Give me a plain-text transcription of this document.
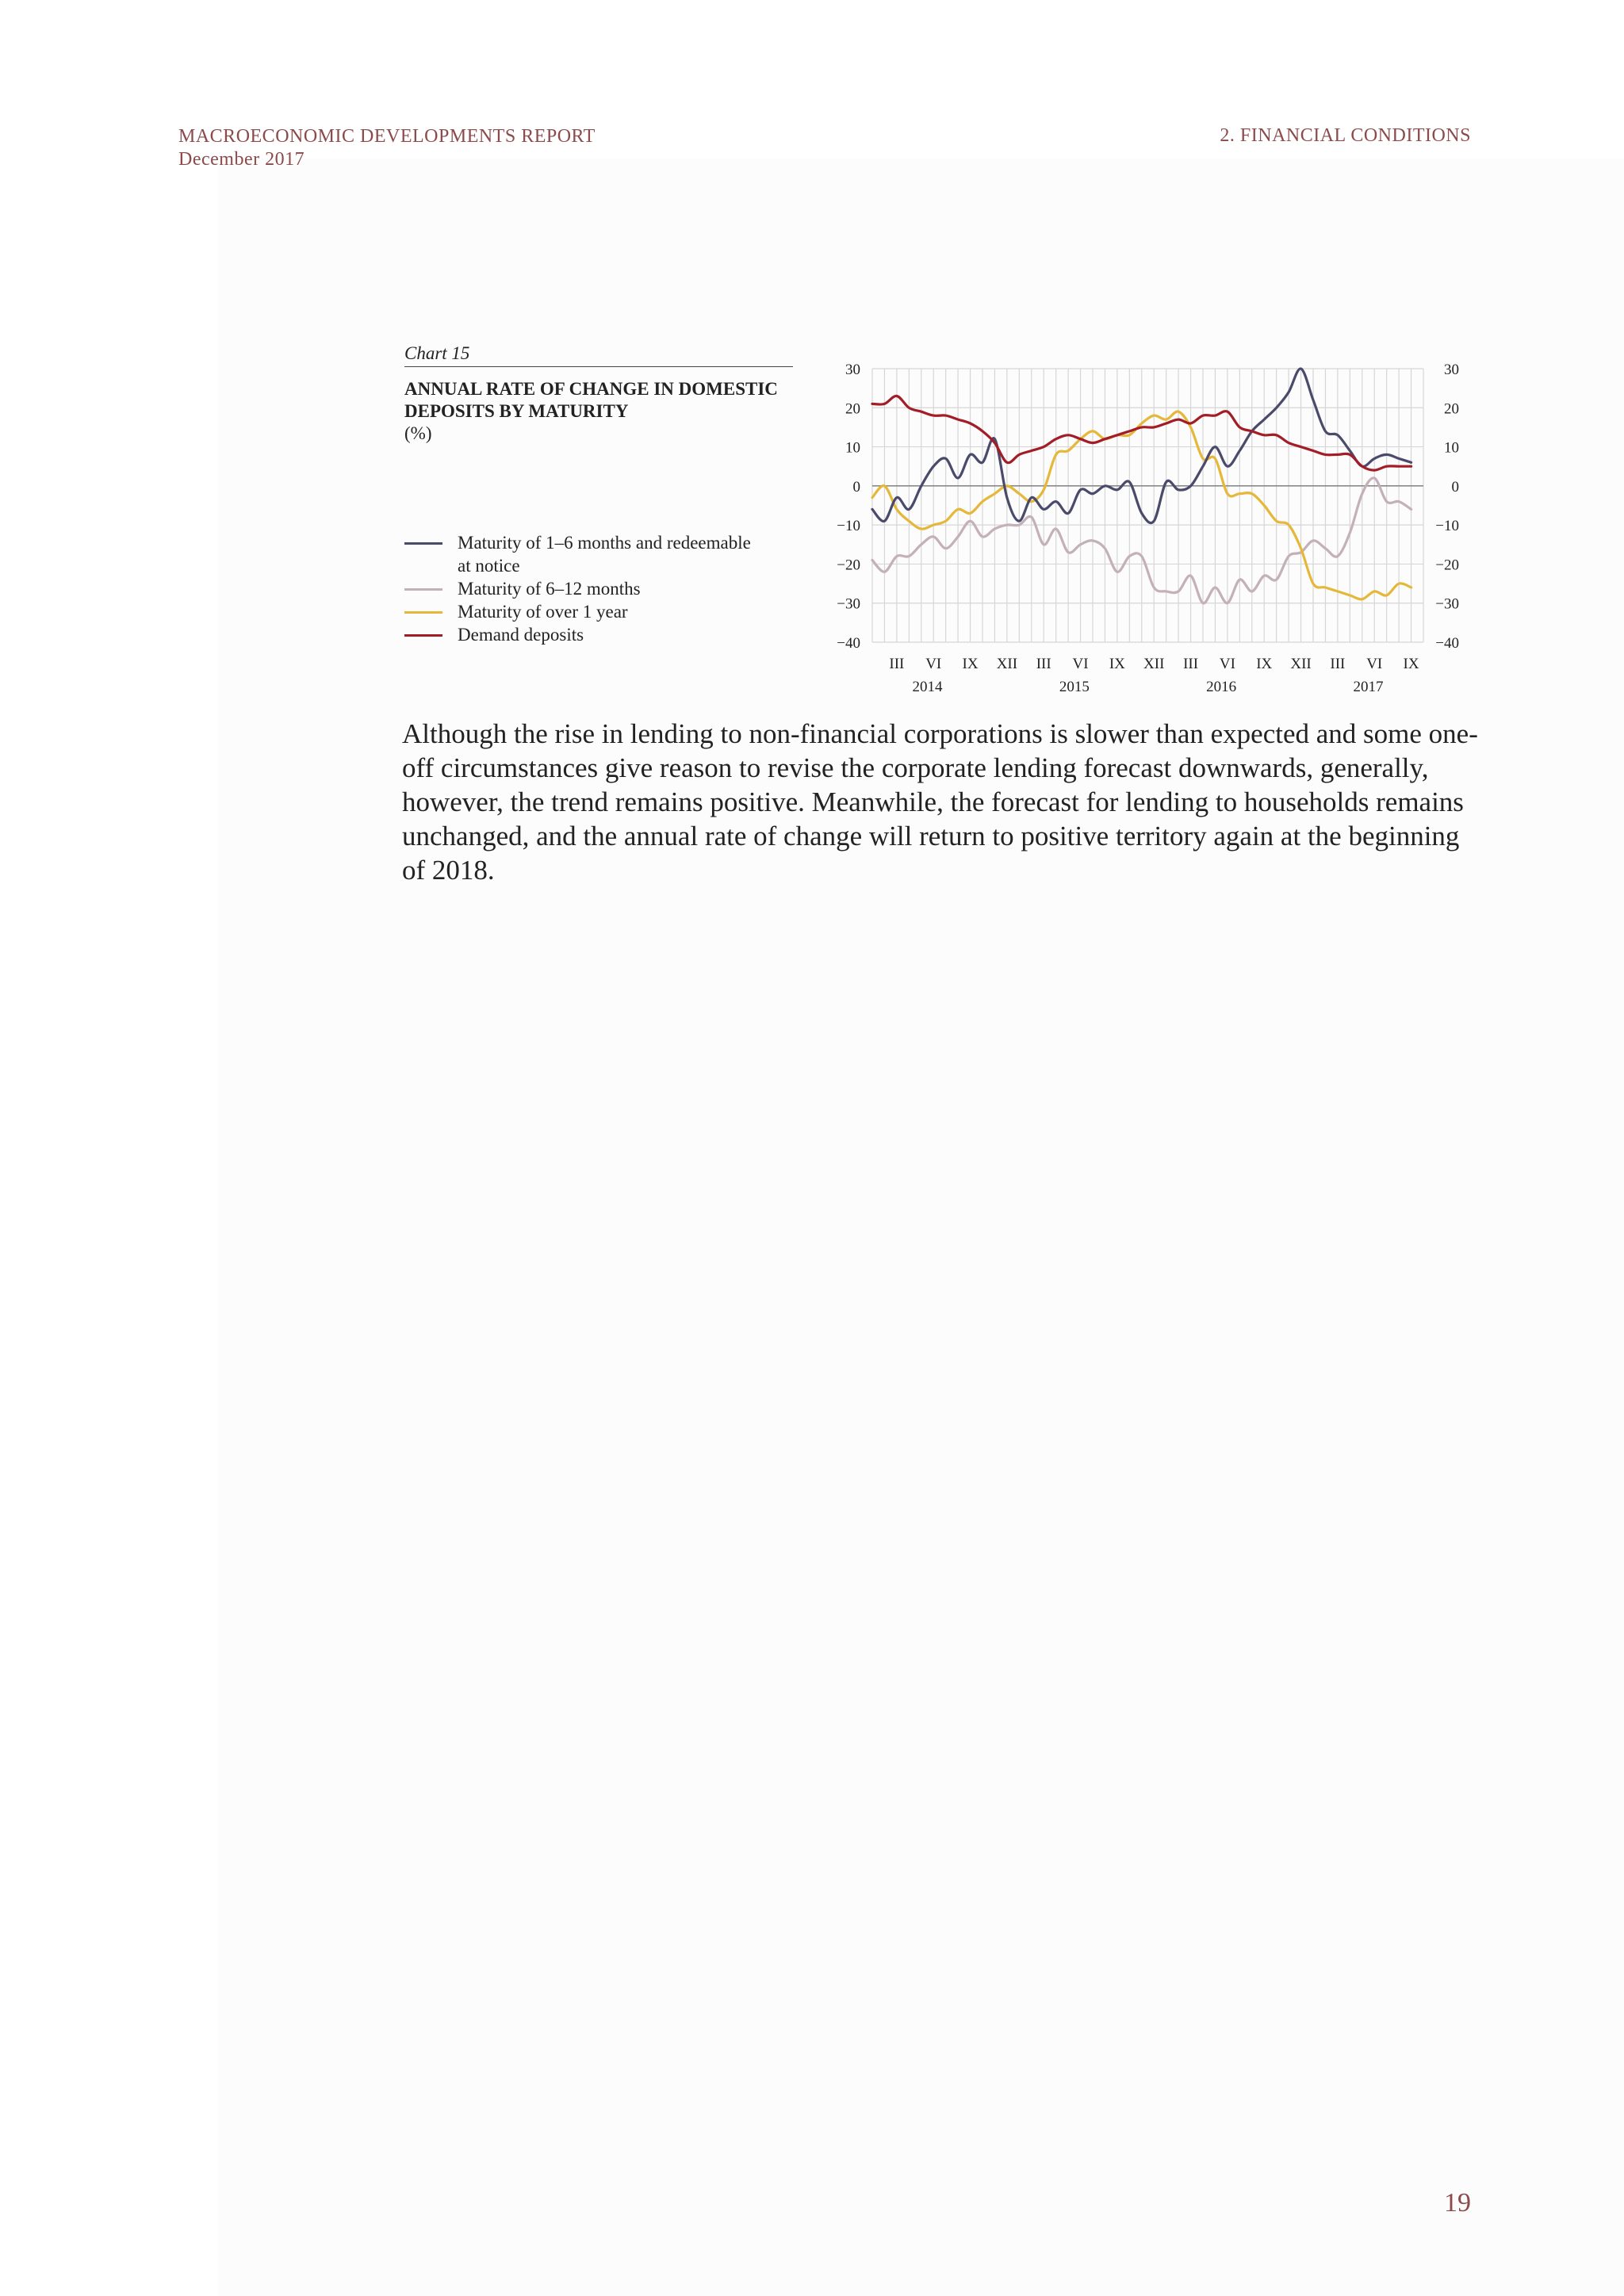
MACROECONOMIC DEVELOPMENTS REPORT
December 2017
2. FINANCIAL CONDITIONS
Chart 15
ANNUAL RATE OF CHANGE IN DOMESTIC
DEPOSITS BY MATURITY
(%)
Maturity of 1–6 months and redeemable
at notice
Maturity of 6–12 months
Maturity of over 1 year
Demand deposits
30	30
20	20
10	10
0	0
−10	−10
−20	−20
−30	−30
−40	−40
III VI IX XII III VI IX XII III VI IX XII III VI IX
2014	2015	2016	2017
Although the rise in lending to non-financial corporations is slower than expected and some one-off circumstances give reason to revise the corporate lending forecast downwards, generally, however, the trend remains positive. Meanwhile, the forecast for lending to households remains unchanged, and the annual rate of change will return to positive territory again at the beginning of 2018.
19
